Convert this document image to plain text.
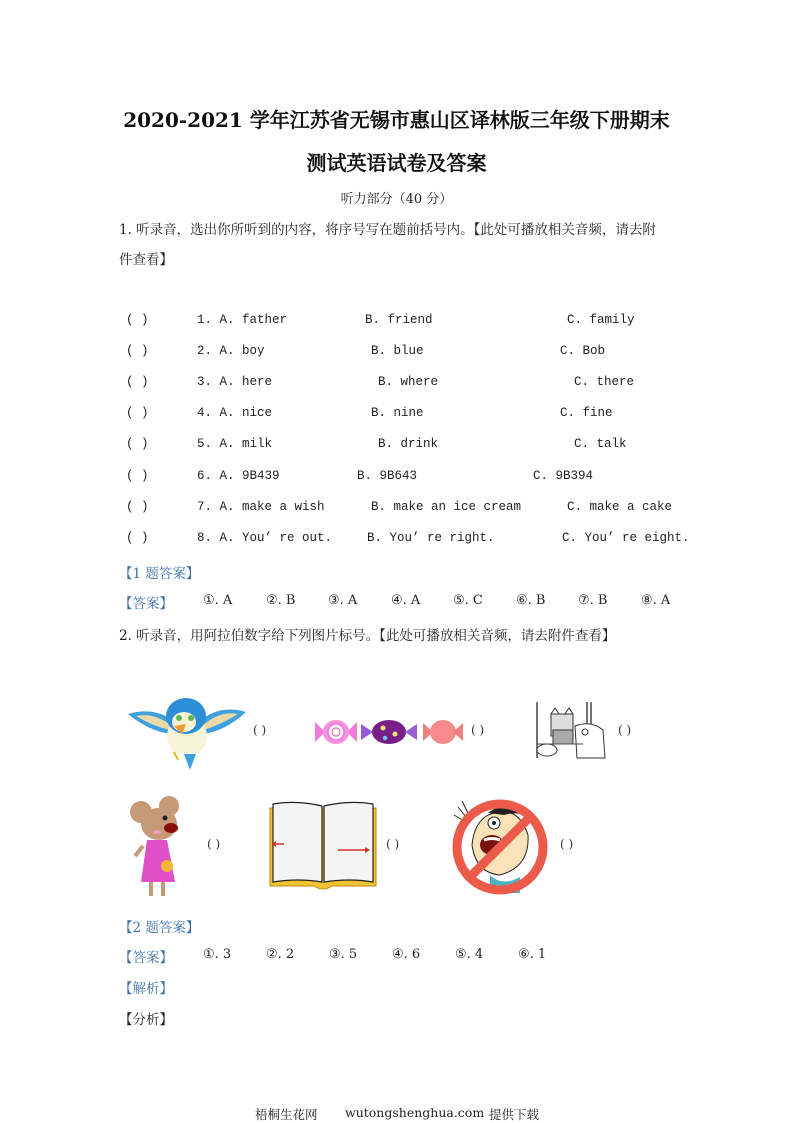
2020-2021 学年江苏省无锡市惠山区译林版三年级下册期末
测试英语试卷及答案
听力部分（40 分）
1. 听录音，选出你所听到的内容，将序号写在题前括号内。【此处可播放相关音频，请去附
件查看】
( )	1. A. father	B. friend	C. family
( )	2. A. boy	B. blue	C. Bob
( )	3. A. here	B. where	C. there
( )	4. A. nice	B. nine	C. fine
( )	5. A. milk	B. drink	C. talk
( )	6. A. 9B439	B. 9B643	C. 9B394
( )	7. A. make a wish	B. make an ice cream	C. make a cake
( )	8. A. You’ re out.	B. You’ re right.	C. You’ re eight.
【1 题答案】
【答案】 ①. A	②. B	③. A	④. A	⑤. C	⑥. B	⑦. B	⑧. A
2. 听录音，用阿拉伯数字给下列图片标号。【此处可播放相关音频，请去附件查看】
( )	( )	( )
( )	( )	( )
【2 题答案】
【答案】 ①. 3	②. 2	③. 5	④. 6	⑤. 4	⑥. 1
【解析】
【分析】
梧桐生花网 wutongshenghua.com 提供下载
